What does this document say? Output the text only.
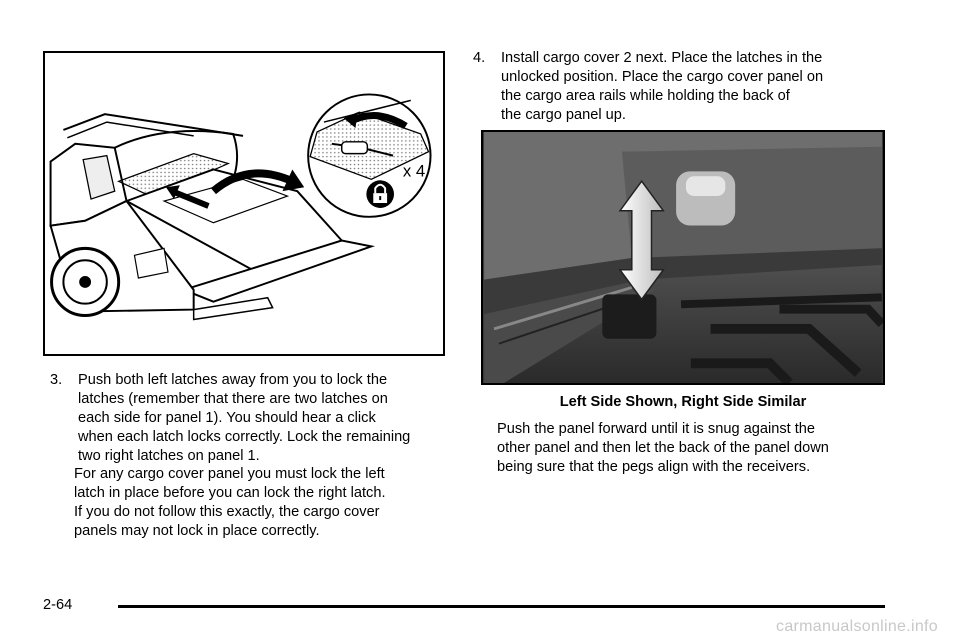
x 4
3. Push both left latches away from you to lock the
latches (remember that there are two latches on
each side for panel 1). You should hear a click
when each latch locks correctly. Lock the remaining
two right latches on panel 1.
For any cargo cover panel you must lock the left
latch in place before you can lock the right latch.
If you do not follow this exactly, the cargo cover
panels may not lock in place correctly.
4. Install cargo cover 2 next. Place the latches in the
unlocked position. Place the cargo cover panel on
the cargo area rails while holding the back of
the cargo panel up.
Left Side Shown, Right Side Similar
Push the panel forward until it is snug against the
other panel and then let the back of the panel down
being sure that the pegs align with the receivers.
2-64
carmanualsonline.info
